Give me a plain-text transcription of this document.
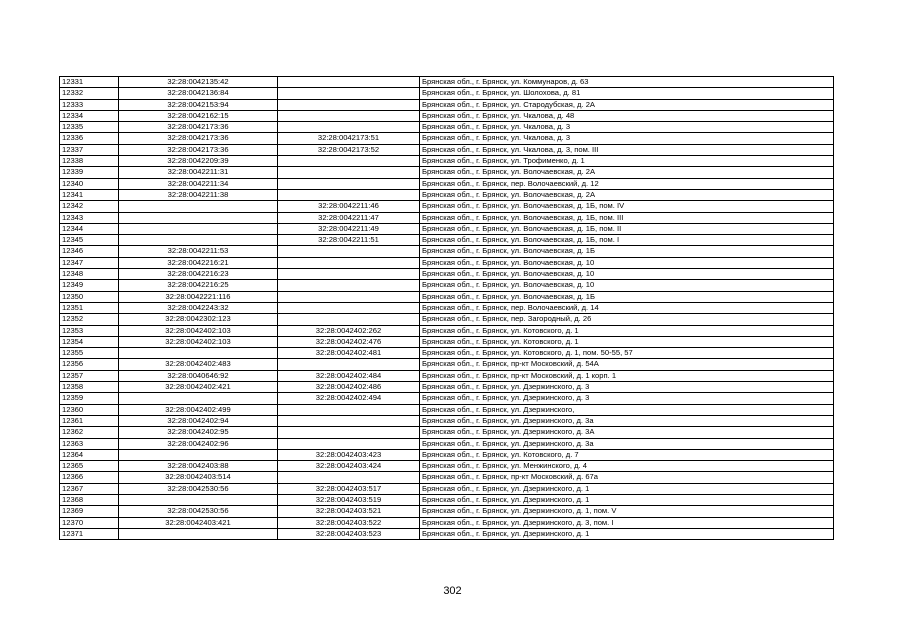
12331	32:28:0042135:42		Брянская обл., г. Брянск, ул. Коммунаров, д. 63
12332	32:28:0042136:84		Брянская обл., г. Брянск, ул. Шолохова, д. 81
12333	32:28:0042153:94		Брянская обл., г. Брянск, ул. Стародубская, д. 2А
12334	32:28:0042162:15		Брянская обл., г. Брянск, ул. Чкалова, д. 48
12335	32:28:0042173:36		Брянская обл., г. Брянск, ул. Чкалова, д. 3
12336	32:28:0042173:36	32:28:0042173:51	Брянская обл., г. Брянск, ул. Чкалова, д. 3
12337	32:28:0042173:36	32:28:0042173:52	Брянская обл., г. Брянск, ул. Чкалова, д. 3, пом. III
12338	32:28:0042209:39		Брянская обл., г. Брянск, ул. Трофименко, д. 1
12339	32:28:0042211:31		Брянская обл., г. Брянск, ул. Волочаевская, д. 2А
12340	32:28:0042211:34		Брянская обл., г. Брянск, пер. Волочаевский, д. 12
12341	32:28:0042211:38		Брянская обл., г. Брянск, ул. Волочаевская, д. 2А
12342		32:28:0042211:46	Брянская обл., г. Брянск, ул. Волочаевская, д. 1Б, пом. IV
12343		32:28:0042211:47	Брянская обл., г. Брянск, ул. Волочаевская, д. 1Б, пом. III
12344		32:28:0042211:49	Брянская обл., г. Брянск, ул. Волочаевская, д. 1Б, пом. II
12345		32:28:0042211:51	Брянская обл., г. Брянск, ул. Волочаевская, д. 1Б, пом. I
12346	32:28:0042211:53		Брянская обл., г. Брянск, ул. Волочаевская, д. 1Б
12347	32:28:0042216:21		Брянская обл., г. Брянск, ул. Волочаевская, д. 10
12348	32:28:0042216:23		Брянская обл., г. Брянск, ул. Волочаевская, д. 10
12349	32:28:0042216:25		Брянская обл., г. Брянск, ул. Волочаевская, д. 10
12350	32:28:0042221:116		Брянская обл., г. Брянск, ул. Волочаевская, д. 1Б
12351	32:28:0042243:32		Брянская обл., г. Брянск, пер. Волочаевский, д. 14
12352	32:28:0042302:123		Брянская обл., г. Брянск, пер. Загородный, д. 26
12353	32:28:0042402:103	32:28:0042402:262	Брянская обл., г. Брянск, ул. Котовского, д. 1
12354	32:28:0042402:103	32:28:0042402:476	Брянская обл., г. Брянск, ул. Котовского, д. 1
12355		32:28:0042402:481	Брянская обл., г. Брянск, ул. Котовского, д. 1, пом. 50-55, 57
12356	32:28:0042402:483		Брянская обл., г. Брянск, пр-кт Московский, д. 54А
12357	32:28:0040646:92	32:28:0042402:484	Брянская обл., г. Брянск, пр-кт Московский, д. 1 корп. 1
12358	32:28:0042402:421	32:28:0042402:486	Брянская обл., г. Брянск, ул. Дзержинского, д. 3
12359		32:28:0042402:494	Брянская обл., г. Брянск, ул. Дзержинского, д. 3
12360	32:28:0042402:499		Брянская обл., г. Брянск, ул. Дзержинского,
12361	32:28:0042402:94		Брянская обл., г. Брянск, ул. Дзержинского, д. 3а
12362	32:28:0042402:95		Брянская обл., г. Брянск, ул. Дзержинского, д. 3А
12363	32:28:0042402:96		Брянская обл., г. Брянск, ул. Дзержинского, д. 3а
12364		32:28:0042403:423	Брянская обл., г. Брянск, ул. Котовского, д. 7
12365	32:28:0042403:88	32:28:0042403:424	Брянская обл., г. Брянск, ул. Менжинского, д. 4
12366	32:28:0042403:514		Брянская обл., г. Брянск, пр-кт Московский, д. 67а
12367	32:28:0042530:56	32:28:0042403:517	Брянская обл., г. Брянск, ул. Дзержинского, д. 1
12368		32:28:0042403:519	Брянская обл., г. Брянск, ул. Дзержинского, д. 1
12369	32:28:0042530:56	32:28:0042403:521	Брянская обл., г. Брянск, ул. Дзержинского, д. 1, пом. V
12370	32:28:0042403:421	32:28:0042403:522	Брянская обл., г. Брянск, ул. Дзержинского, д. 3, пом. I
12371		32:28:0042403:523	Брянская обл., г. Брянск, ул. Дзержинского, д. 1
302
